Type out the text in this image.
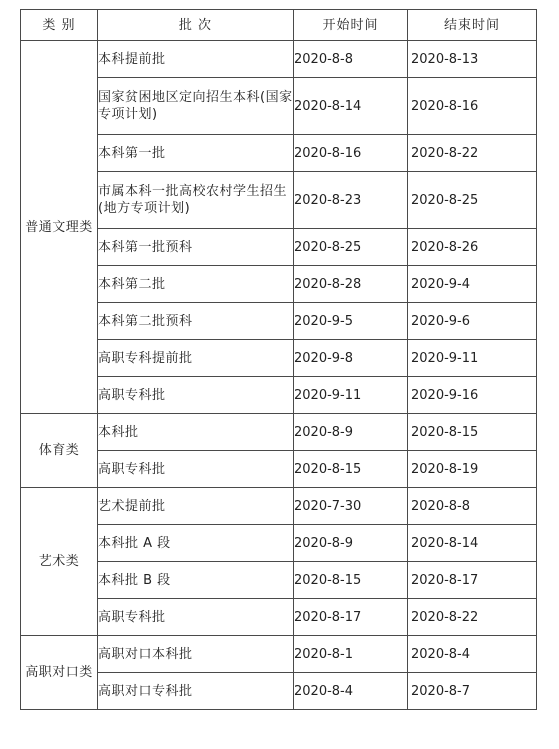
类 别	批 次	开始时间	结束时间
普通文理类	本科提前批	2020-8-8	2020-8-13
	国家贫困地区定向招生本科(国家专项计划)	2020-8-14	2020-8-16
	本科第一批	2020-8-16	2020-8-22
	市属本科一批高校农村学生招生(地方专项计划)	2020-8-23	2020-8-25
	本科第一批预科	2020-8-25	2020-8-26
	本科第二批	2020-8-28	2020-9-4
	本科第二批预科	2020-9-5	2020-9-6
	高职专科提前批	2020-9-8	2020-9-11
	高职专科批	2020-9-11	2020-9-16
体育类	本科批	2020-8-9	2020-8-15
	高职专科批	2020-8-15	2020-8-19
艺术类	艺术提前批	2020-7-30	2020-8-8
	本科批 A 段	2020-8-9	2020-8-14
	本科批 B 段	2020-8-15	2020-8-17
	高职专科批	2020-8-17	2020-8-22
高职对口类	高职对口本科批	2020-8-1	2020-8-4
	高职对口专科批	2020-8-4	2020-8-7
